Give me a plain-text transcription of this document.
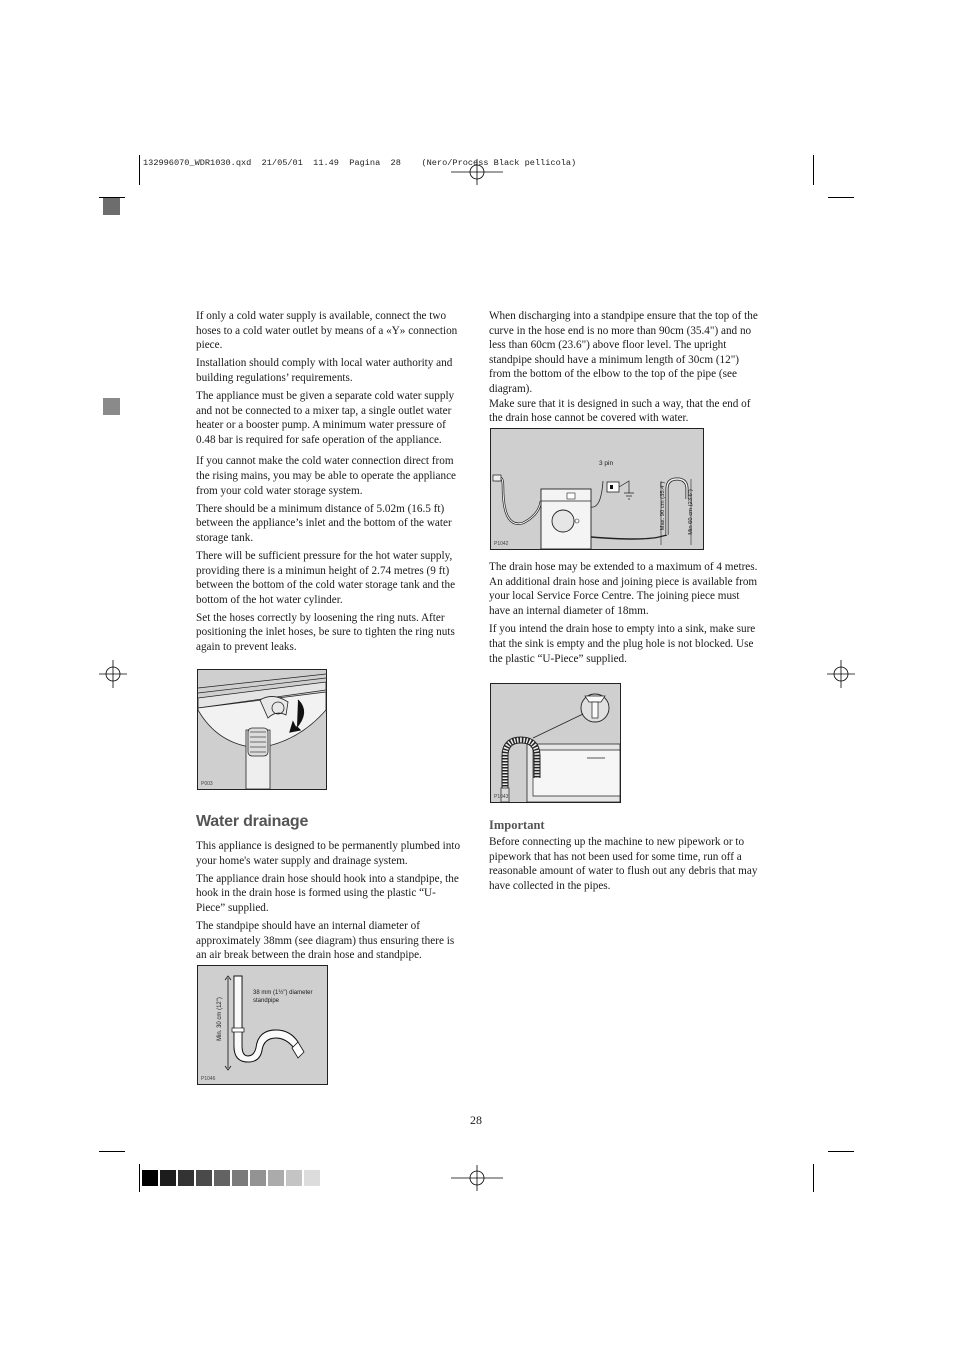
132996070_WDR1030.qxd  21/05/01  11.49  Pagina  28    (Nero/Process Black pellicola)

If only a cold water supply is available, connect the two hoses to a cold water outlet by means of a «Y» connection piece.

Installation should comply with local water authority and building regulations’ requirements.

The appliance must be given a separate cold water supply and not be connected to a mixer tap, a single outlet water heater or a booster pump. A minimum water pressure of 0.48 bar is required for safe operation of the appliance.

If you cannot make the cold water connection direct from the rising mains, you may be able to operate the appliance from your cold water storage system.

There should be a minimum distance of 5.02m (16.5 ft) between the appliance’s inlet and the bottom of the water storage tank.

There will be sufficient pressure for the hot water supply, providing there is a minimun height of 2.74 metres (9 ft) between the bottom of the cold water storage tank and the bottom of the hot water cylinder.

Set the hoses correctly by loosening the ring nuts. After positioning the inlet hoses, be sure to tighten the ring nuts again to prevent leaks.

P003
Water drainage

This appliance is designed to be permanently plumbed into your home's water supply and drainage system.

The appliance drain hose should hook into a standpipe, the hook in the drain hose is formed using the plastic “U-Piece” supplied.

The standpipe should have an internal diameter of approximately 38mm (see diagram) thus ensuring there is an air break between the drain hose and standpipe.

38 mm (1½") diameter
standpipe
Min. 30 cm (12")
P1046

When discharging into a standpipe ensure that the top of the curve in the hose end is no more than 90cm (35.4") and no less than 60cm (23.6") above floor level. The upright standpipe should have a minimum length of 30cm (12") from the bottom of the elbow to the top of the pipe (see diagram).

Make sure that it is designed in such a way, that the end of the drain hose cannot be covered with water.

3 pin
Max. 90 cm (35.4")	Min 60 cm (23.6")
P1042

The drain hose may be extended to a maximum of 4 metres. An additional drain hose and joining piece is available from your local Service Force Centre. The joining piece must have an internal diameter of 18mm.

If you intend the drain hose to empty into a sink, make sure that the sink is empty and the plug hole is not blocked. Use the plastic “U-Piece” supplied.

P1043
Important

Before connecting up the machine to new pipework or to pipework that has not been used for some time, run off a reasonable amount of water to flush out any debris that may have collected in the pipes.

28
